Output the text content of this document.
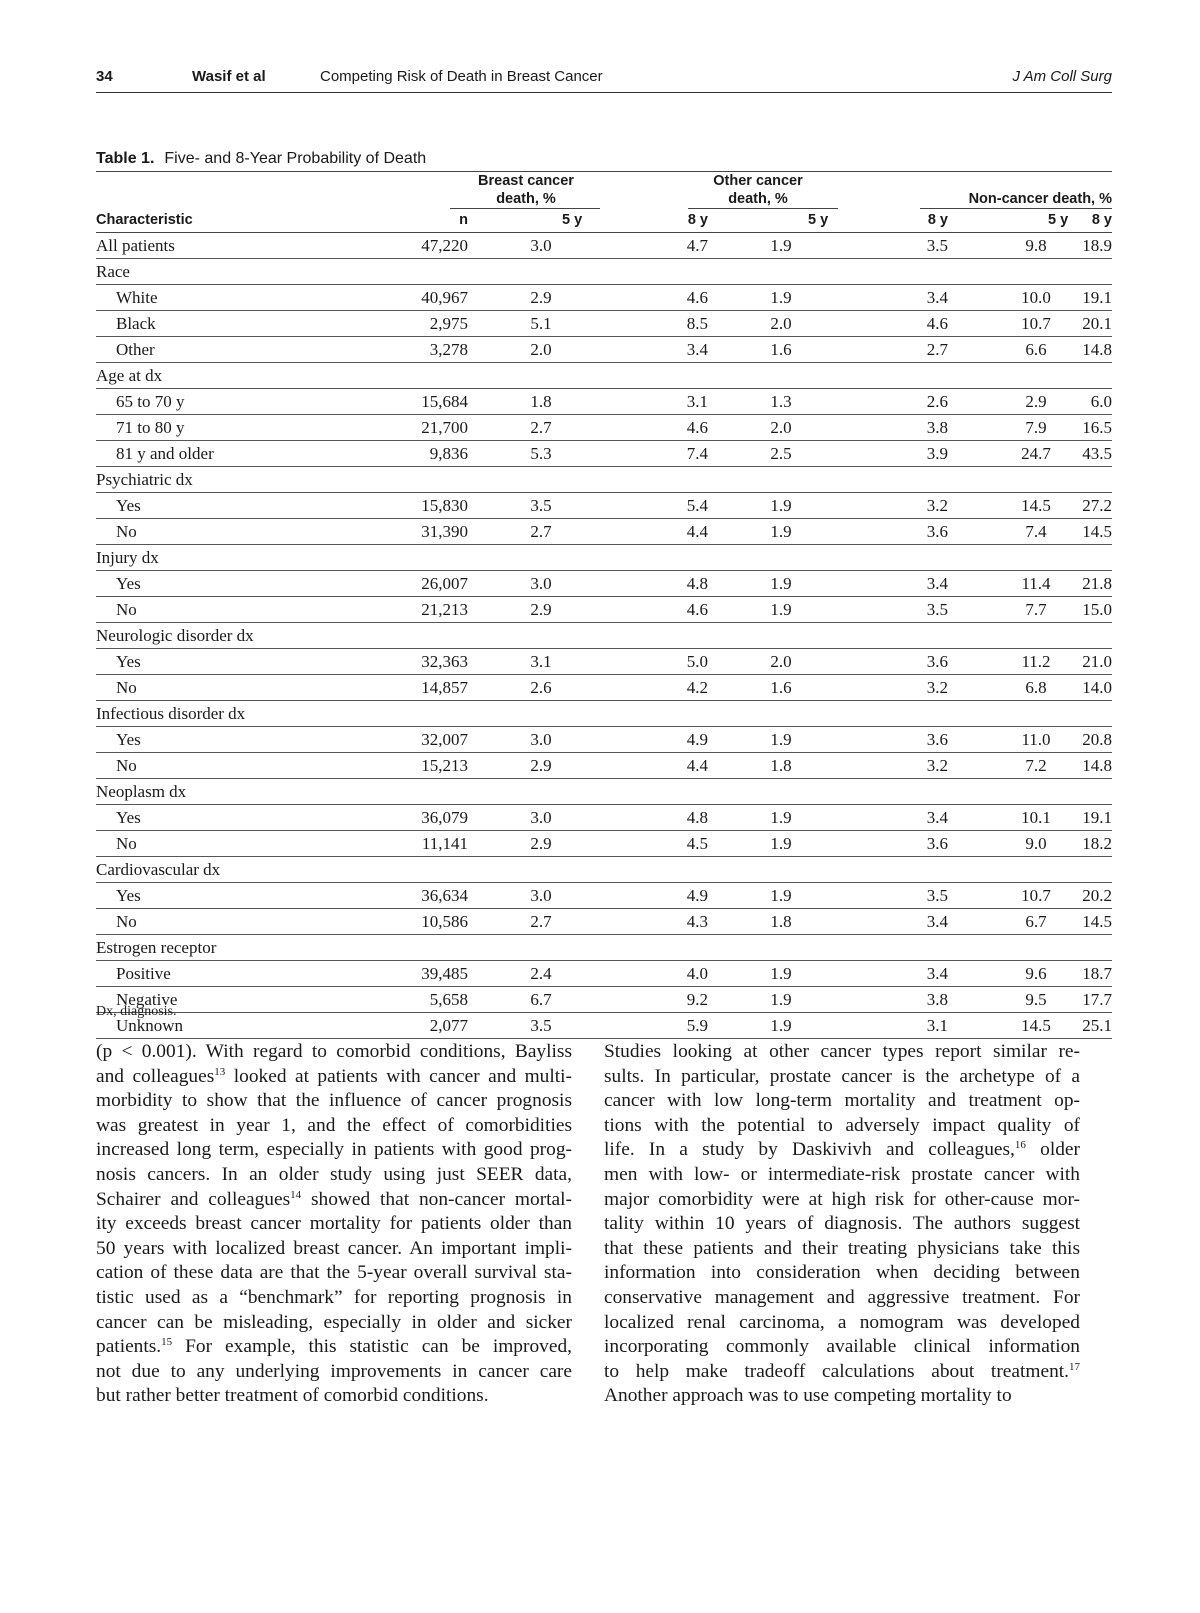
34	Wasif et al	Competing Risk of Death in Breast Cancer	J Am Coll Surg
Table 1. Five- and 8-Year Probability of Death
Breast cancer
death, %
Other cancer
death, %	Non-cancer death, %
Characteristic	n	5 y	8 y	5 y	8 y	5 y	8 y
All patients	47,220	3.0	4.7	1.9	3.5	9.8	18.9
Race
White	40,967	2.9	4.6	1.9	3.4	10.0	19.1
Black	2,975	5.1	8.5	2.0	4.6	10.7	20.1
Other	3,278	2.0	3.4	1.6	2.7	6.6	14.8
Age at dx
65 to 70 y	15,684	1.8	3.1	1.3	2.6	2.9	6.0
71 to 80 y	21,700	2.7	4.6	2.0	3.8	7.9	16.5
81 y and older	9,836	5.3	7.4	2.5	3.9	24.7	43.5
Psychiatric dx
Yes	15,830	3.5	5.4	1.9	3.2	14.5	27.2
No	31,390	2.7	4.4	1.9	3.6	7.4	14.5
Injury dx
Yes	26,007	3.0	4.8	1.9	3.4	11.4	21.8
No	21,213	2.9	4.6	1.9	3.5	7.7	15.0
Neurologic disorder dx
Yes	32,363	3.1	5.0	2.0	3.6	11.2	21.0
No	14,857	2.6	4.2	1.6	3.2	6.8	14.0
Infectious disorder dx
Yes	32,007	3.0	4.9	1.9	3.6	11.0	20.8
No	15,213	2.9	4.4	1.8	3.2	7.2	14.8
Neoplasm dx
Yes	36,079	3.0	4.8	1.9	3.4	10.1	19.1
No	11,141	2.9	4.5	1.9	3.6	9.0	18.2
Cardiovascular dx
Yes	36,634	3.0	4.9	1.9	3.5	10.7	20.2
No	10,586	2.7	4.3	1.8	3.4	6.7	14.5
Estrogen receptor
Positive	39,485	2.4	4.0	1.9	3.4	9.6	18.7
Negative	5,658	6.7	9.2	1.9	3.8	9.5	17.7
Unknown	2,077	3.5	5.9	1.9	3.1	14.5	25.1
Dx, diagnosis.
(p < 0.001). With regard to comorbid conditions, Bayliss
and colleagues$^{13}$ looked at patients with cancer and multi-
morbidity to show that the influence of cancer prognosis
was greatest in year 1, and the effect of comorbidities
increased long term, especially in patients with good prog-
nosis cancers. In an older study using just SEER data,
Schairer and colleagues$^{14}$ showed that non-cancer mortal-
ity exceeds breast cancer mortality for patients older than
50 years with localized breast cancer. An important impli-
cation of these data are that the 5-year overall survival sta-
tistic used as a “benchmark” for reporting prognosis in
cancer can be misleading, especially in older and sicker
patients.$^{15}$ For example, this statistic can be improved,
not due to any underlying improvements in cancer care
but rather better treatment of comorbid conditions.
Studies looking at other cancer types report similar re-
sults. In particular, prostate cancer is the archetype of a
cancer with low long-term mortality and treatment op-
tions with the potential to adversely impact quality of
life. In a study by Daskivivh and colleagues,$^{16}$ older
men with low- or intermediate-risk prostate cancer with
major comorbidity were at high risk for other-cause mor-
tality within 10 years of diagnosis. The authors suggest
that these patients and their treating physicians take this
information into consideration when deciding between
conservative management and aggressive treatment. For
localized renal carcinoma, a nomogram was developed
incorporating commonly available clinical information
to help make tradeoff calculations about treatment.$^{17}$
Another approach was to use competing mortality to
